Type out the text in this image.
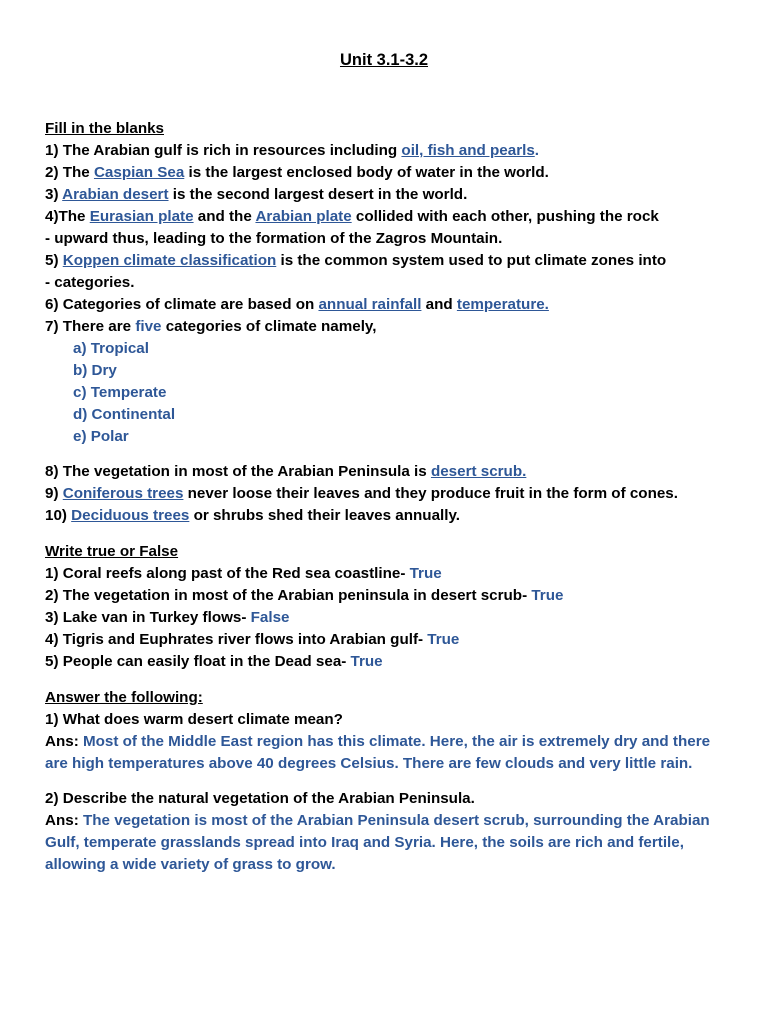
Unit 3.1-3.2
Fill in the blanks
1) The Arabian gulf is rich in resources including oil, fish and pearls.
2) The Caspian Sea is the largest enclosed body of water in the world.
3) Arabian desert is the second largest desert in the world.
4)The Eurasian plate and the Arabian plate collided with each other, pushing the rock
- upward thus, leading to the formation of the Zagros Mountain.
5) Koppen climate classification is the common system used to put climate zones into
- categories.
6) Categories of climate are based on annual rainfall and temperature.
7) There are five categories of climate namely,
a) Tropical
b) Dry
c) Temperate
d) Continental
e) Polar
8) The vegetation in most of the Arabian Peninsula is desert scrub.
9) Coniferous trees never loose their leaves and they produce fruit in the form of cones.
10) Deciduous trees or shrubs shed their leaves annually.
Write true or False
1) Coral reefs along past of the Red sea coastline- True
2) The vegetation in most of the Arabian peninsula in desert scrub- True
3) Lake van in Turkey flows- False
4) Tigris and Euphrates river flows into Arabian gulf- True
5) People can easily float in the Dead sea- True
Answer the following:
1) What does warm desert climate mean?
Ans: Most of the Middle East region has this climate. Here, the air is extremely dry and there
are high temperatures above 40 degrees Celsius. There are few clouds and very little rain.
2) Describe the natural vegetation of the Arabian Peninsula.
Ans: The vegetation is most of the Arabian Peninsula desert scrub, surrounding the Arabian
Gulf, temperate grasslands spread into Iraq and Syria. Here, the soils are rich and fertile,
allowing a wide variety of grass to grow.
